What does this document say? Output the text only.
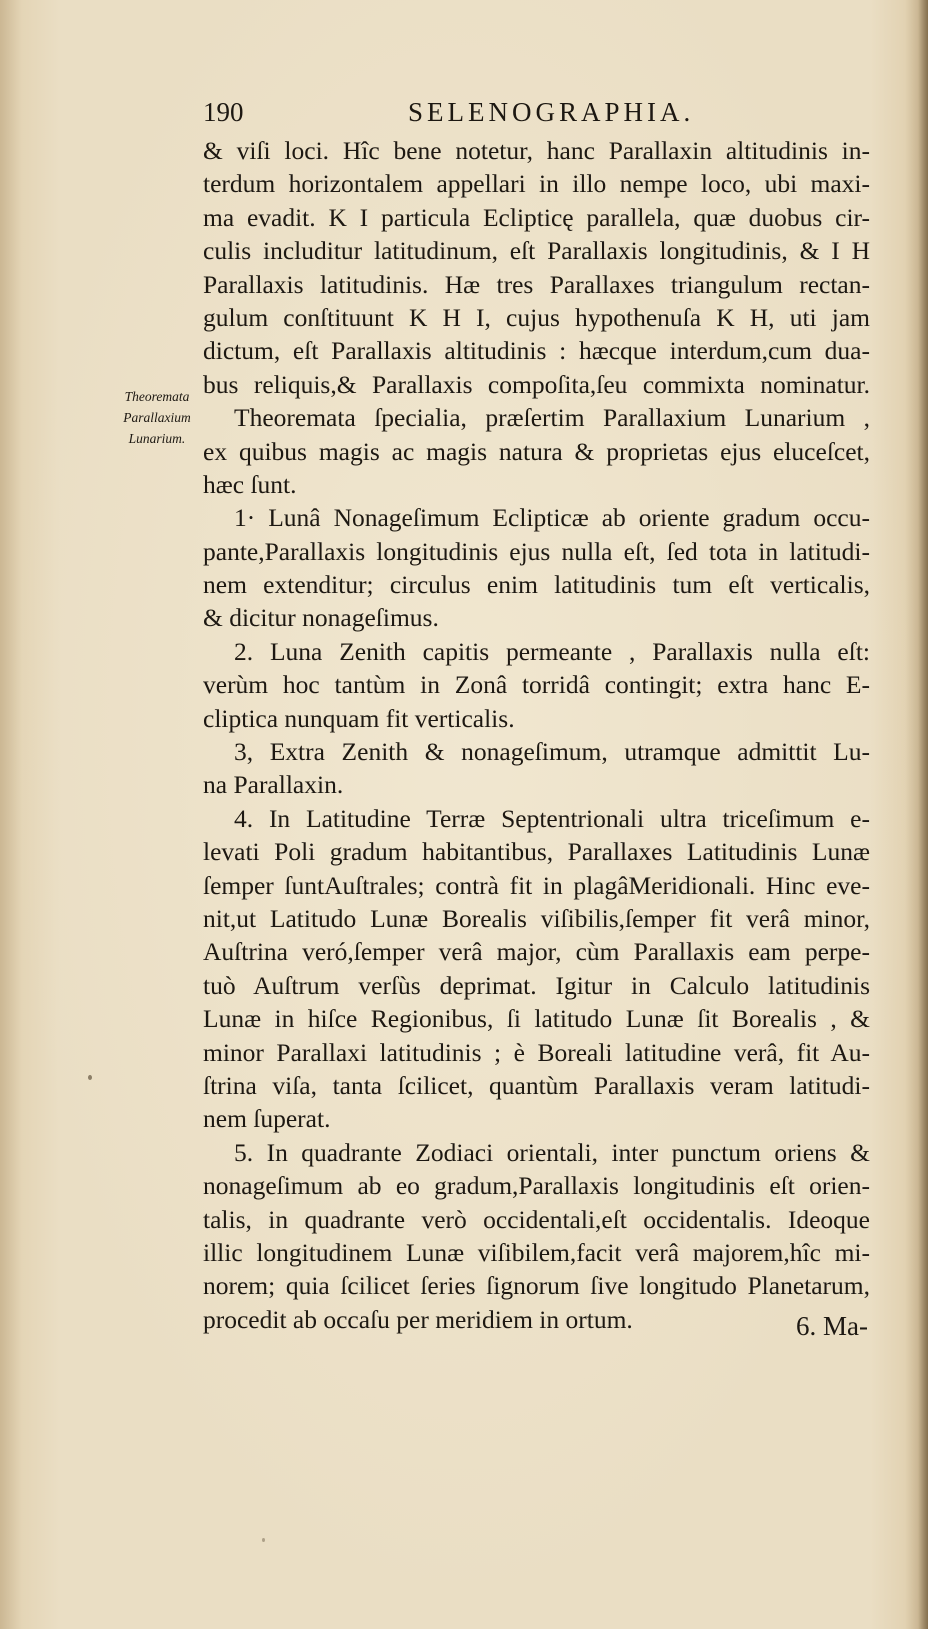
190	SELENOGRAPHIA.
Theoremata
Parallaxium
Lunarium.
& viſi loci. Hîc bene notetur, hanc Parallaxin altitudinis in-
terdum horizontalem appellari in illo nempe loco, ubi maxi-
ma evadit. K I particula Eclipticę parallela, quæ duobus cir-
culis includitur latitudinum, eſt Parallaxis longitudinis, & I H
Parallaxis latitudinis. Hæ tres Parallaxes triangulum rectan-
gulum conſtituunt K H I, cujus hypothenuſa K H, uti jam
dictum, eſt Parallaxis altitudinis : hæcque interdum,cum dua-
bus reliquis,& Parallaxis compoſita,ſeu commixta nominatur.
Theoremata ſpecialia, præſertim Parallaxium Lunarium ,
ex quibus magis ac magis natura & proprietas ejus eluceſcet,
hæc ſunt.
1· Lunâ Nonageſimum Eclipticæ ab oriente gradum occu-
pante,Parallaxis longitudinis ejus nulla eſt, ſed tota in latitudi-
nem extenditur; circulus enim latitudinis tum eſt verticalis,
& dicitur nonageſimus.
2. Luna Zenith capitis permeante , Parallaxis nulla eſt:
verùm hoc tantùm in Zonâ torridâ contingit; extra hanc E-
cliptica nunquam fit verticalis.
3, Extra Zenith & nonageſimum, utramque admittit Lu-
na Parallaxin.
4. In Latitudine Terræ Septentrionali ultra triceſimum e-
levati Poli gradum habitantibus, Parallaxes Latitudinis Lunæ
ſemper ſuntAuſtrales; contrà fit in plagâMeridionali. Hinc eve-
nit,ut Latitudo Lunæ Borealis viſibilis,ſemper fit verâ minor,
Auſtrina veró,ſemper verâ major, cùm Parallaxis eam perpe-
tuò Auſtrum verſùs deprimat. Igitur in Calculo latitudinis
Lunæ in hiſce Regionibus, ſi latitudo Lunæ ſit Borealis , &
minor Parallaxi latitudinis ; è Boreali latitudine verâ, fit Au-
ſtrina viſa, tanta ſcilicet, quantùm Parallaxis veram latitudi-
nem ſuperat.
5. In quadrante Zodiaci orientali, inter punctum oriens &
nonageſimum ab eo gradum,Parallaxis longitudinis eſt orien-
talis, in quadrante verò occidentali,eſt occidentalis. Ideoque
illic longitudinem Lunæ viſibilem,facit verâ majorem,hîc mi-
norem; quia ſcilicet ſeries ſignorum ſive longitudo Planetarum,
procedit ab occaſu per meridiem in ortum.	6. Ma-
